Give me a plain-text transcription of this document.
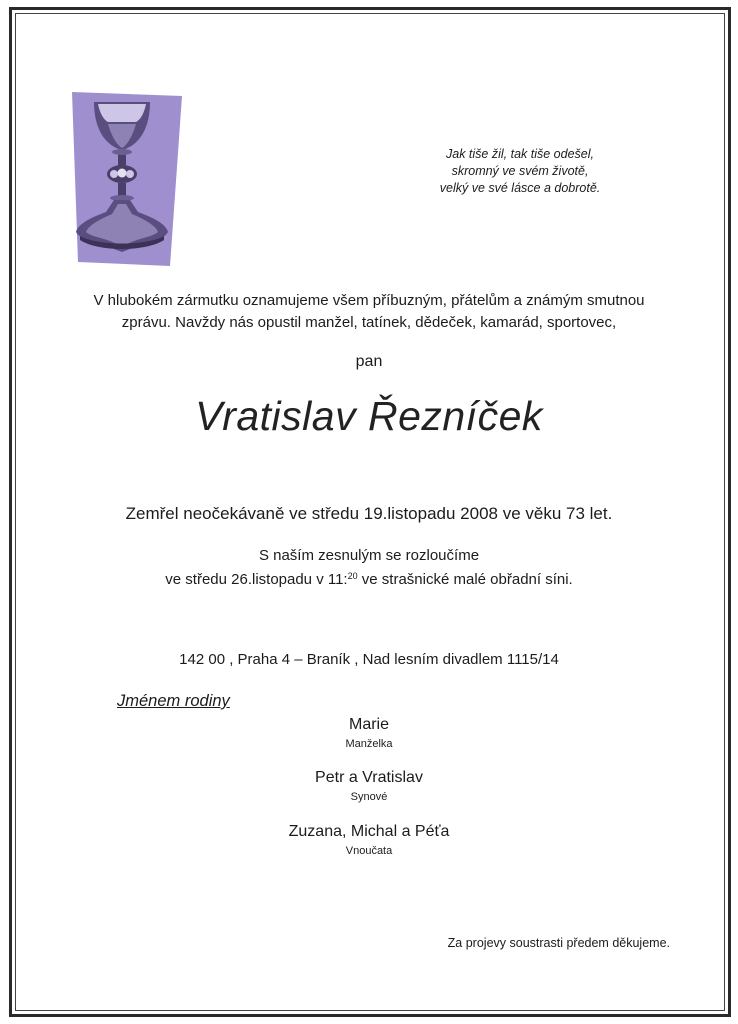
Jak tiše žil, tak tiše odešel,
skromný ve svém životě,
velký ve své lásce a dobrotě.
V hlubokém zármutku oznamujeme všem příbuzným, přátelům a známým smutnou
zprávu. Navždy nás opustil manžel, tatínek, dědeček, kamarád, sportovec,
pan
Vratislav Řezníček
Zemřel neočekávaně ve středu 19.listopadu 2008 ve věku 73 let.
S naším zesnulým se rozloučíme
ve středu 26.listopadu v 11:$^{20}$ ve strašnické malé obřadní síni.
142 00 , Praha 4 – Braník , Nad lesním divadlem 1115/14
Jménem rodiny
Marie
Manželka
Petr a Vratislav
Synové
Zuzana, Michal a Péťa
Vnoučata
Za projevy soustrasti předem děkujeme.
